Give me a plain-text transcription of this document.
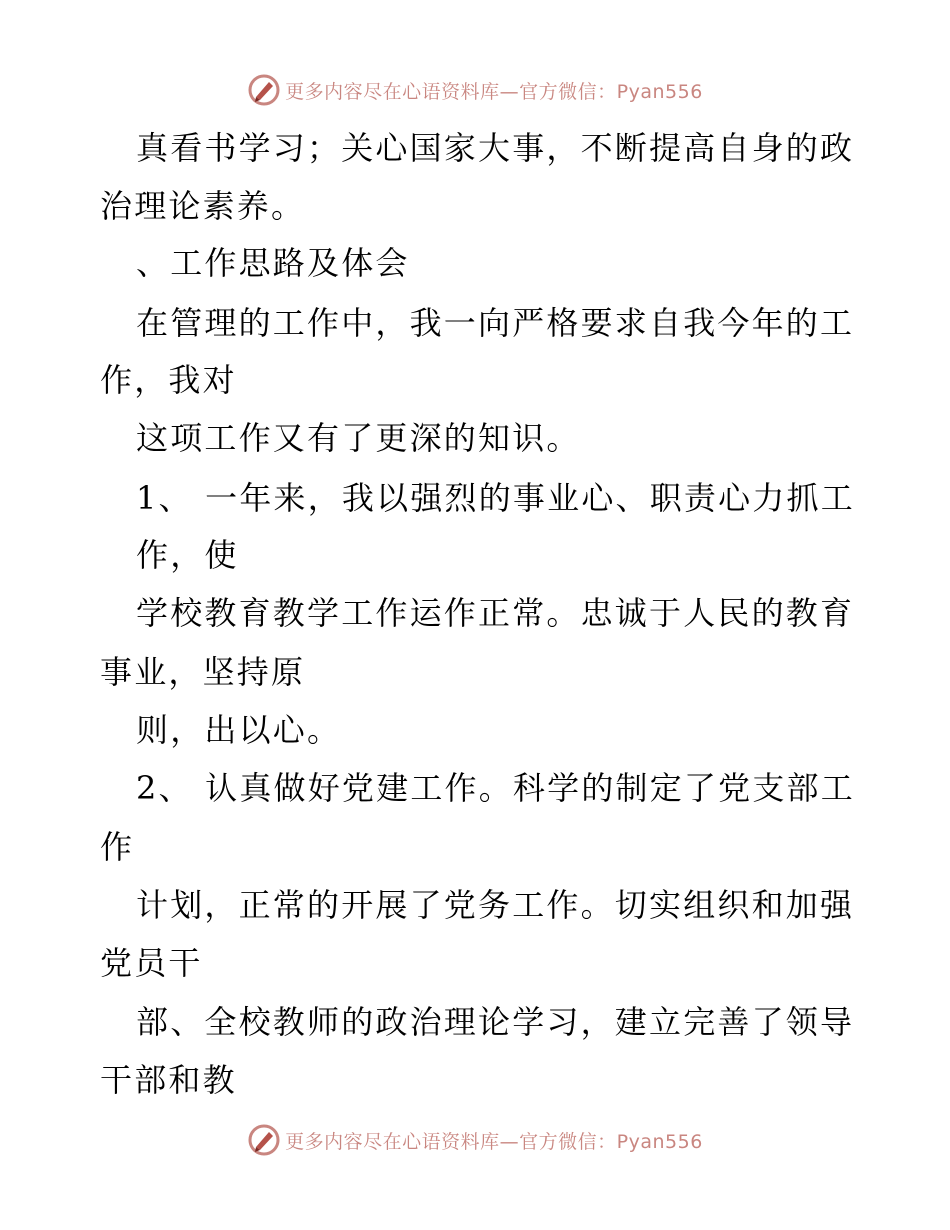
更多内容尽在心语资料库—官方微信：Pyan556
真看书学习；关心国家大事，不断提高自身的政
治理论素养。
、工作思路及体会
在管理的工作中，我一向严格要求自我今年的工
作，我对
这项工作又有了更深的知识。
1、 一年来，我以强烈的事业心、职责心力抓工
作，使
学校教育教学工作运作正常。忠诚于人民的教育
事业，坚持原
则，出以心。
2、 认真做好党建工作。科学的制定了党支部工
作
计划，正常的开展了党务工作。切实组织和加强
党员干
部、全校教师的政治理论学习，建立完善了领导
干部和教
更多内容尽在心语资料库—官方微信：Pyan556
